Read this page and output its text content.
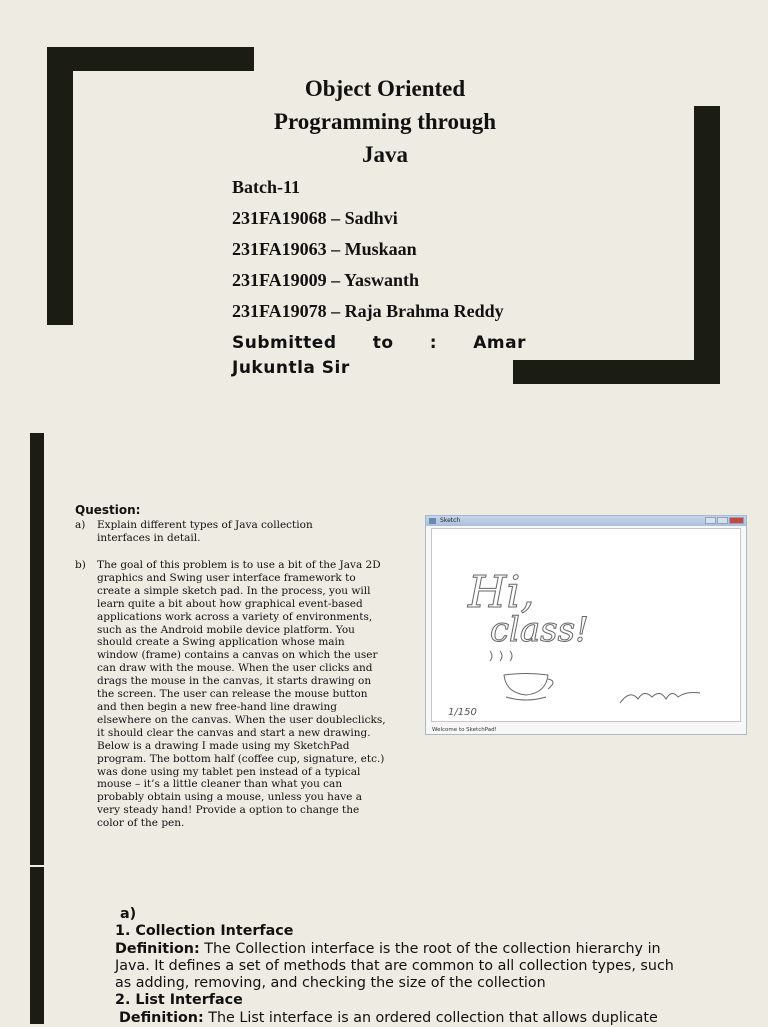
Object Oriented
Programming through
Java
Batch-11
231FA19068 – Sadhvi
231FA19063 – Muskaan
231FA19009 – Yaswanth
231FA19078 – Raja Brahma Reddy
Submitted to : Amar
Jukuntla Sir
Question:
a) Explain different types of Java collection interfaces in detail.
b) The goal of this problem is to use a bit of the Java 2D graphics and Swing user interface framework to create a simple sketch pad. In the process, you will learn quite a bit about how graphical event-based applications work across a variety of environments, such as the Android mobile device platform. You should create a Swing application whose main window (frame) contains a canvas on which the user can draw with the mouse. When the user clicks and drags the mouse in the canvas, it starts drawing on the screen. The user can release the mouse button and then begin a new free-hand line drawing elsewhere on the canvas. When the user doubleclicks, it should clear the canvas and start a new drawing. Below is a drawing I made using my SketchPad program. The bottom half (coffee cup, signature, etc.) was done using my tablet pen instead of a typical mouse – it’s a little cleaner than what you can probably obtain using a mouse, unless you have a very steady hand! Provide a option to change the color of the pen.
Sketch
Hi,
class!
1/150
Welcome to SketchPad!
a)
1. Collection Interface
Definition: The Collection interface is the root of the collection hierarchy in Java. It defines a set of methods that are common to all collection types, such as adding, removing, and checking the size of the collection
2. List Interface
Definition: The List interface is an ordered collection that allows duplicate
